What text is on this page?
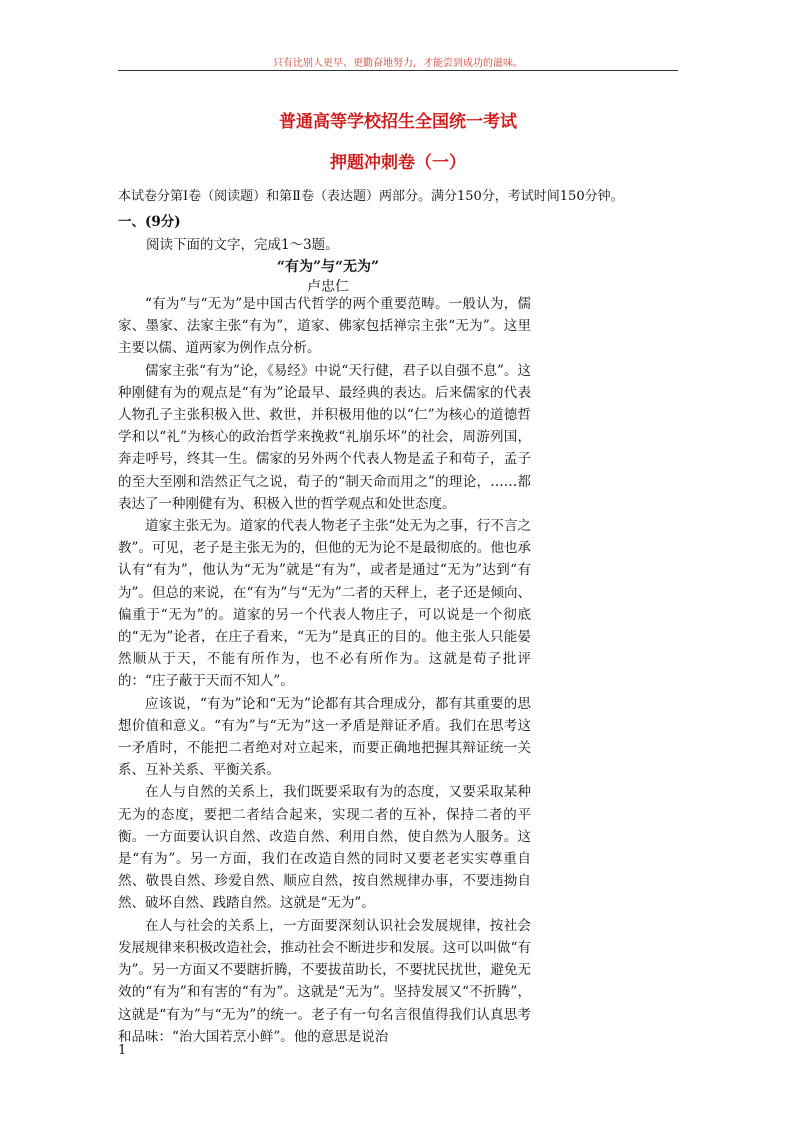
只有比别人更早、更勤奋地努力，才能尝到成功的滋味。
普通高等学校招生全国统一考试
押题冲刺卷（一）
本试卷分第Ⅰ卷（阅读题）和第Ⅱ卷（表达题）两部分。满分150分，考试时间150分钟。
一、(9分)
阅读下面的文字，完成1～3题。
“有为”与“无为”
卢忠仁

“有为”与“无为”是中国古代哲学的两个重要范畴。一般认为，儒家、墨家、法家主张“有为”，道家、佛家包括禅宗主张“无为”。这里主要以儒、道两家为例作点分析。

儒家主张“有为”论，《易经》中说“天行健，君子以自强不息”。这种刚健有为的观点是“有为”论最早、最经典的表达。后来儒家的代表人物孔子主张积极入世、救世，并积极用他的以“仁”为核心的道德哲学和以“礼”为核心的政治哲学来挽救“礼崩乐坏”的社会，周游列国，奔走呼号，终其一生。儒家的另外两个代表人物是孟子和荀子，孟子的至大至刚和浩然正气之说，荀子的“制天命而用之”的理论，……都表达了一种刚健有为、积极入世的哲学观点和处世态度。

道家主张无为。道家的代表人物老子主张“处无为之事，行不言之教”。可见，老子是主张无为的，但他的无为论不是最彻底的。他也承认有“有为”，他认为“无为”就是“有为”，或者是通过“无为”达到“有为”。但总的来说，在“有为”与“无为”二者的天秤上，老子还是倾向、偏重于“无为”的。道家的另一个代表人物庄子，可以说是一个彻底的“无为”论者，在庄子看来，“无为”是真正的目的。他主张人只能晏然顺从于天，不能有所作为，也不必有所作为。这就是荀子批评的：“庄子蔽于天而不知人”。

应该说，“有为”论和“无为”论都有其合理成分，都有其重要的思想价值和意义。“有为”与“无为”这一矛盾是辩证矛盾。我们在思考这一矛盾时，不能把二者绝对对立起来，而要正确地把握其辩证统一关系、互补关系、平衡关系。

在人与自然的关系上，我们既要采取有为的态度，又要采取某种无为的态度，要把二者结合起来，实现二者的互补，保持二者的平衡。一方面要认识自然、改造自然、利用自然，使自然为人服务。这是“有为”。另一方面，我们在改造自然的同时又要老老实实尊重自然、敬畏自然、珍爱自然、顺应自然，按自然规律办事，不要违拗自然、破坏自然、践踏自然。这就是“无为”。

在人与社会的关系上，一方面要深刻认识社会发展规律，按社会发展规律来积极改造社会，推动社会不断进步和发展。这可以叫做“有为”。另一方面又不要瞎折腾，不要拔苗助长，不要扰民扰世，避免无效的“有为”和有害的“有为”。这就是“无为”。坚持发展又“不折腾”，这就是“有为”与“无为”的统一。老子有一句名言很值得我们认真思考和品味：“治大国若烹小鲜”。他的意思是说治

1
